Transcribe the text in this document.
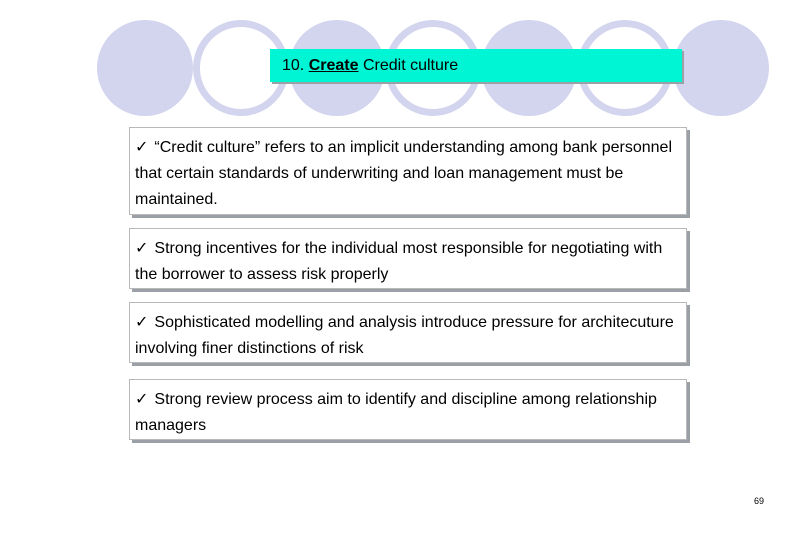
10. Create Credit culture
✓ “Credit culture” refers to an implicit understanding among bank personnel that certain standards of underwriting and loan management must be maintained.
✓ Strong incentives for the individual most responsible for negotiating with the borrower to assess risk properly
✓ Sophisticated modelling and analysis introduce pressure for architecuture involving finer distinctions of risk
✓ Strong review process aim to identify and discipline among relationship managers
69
